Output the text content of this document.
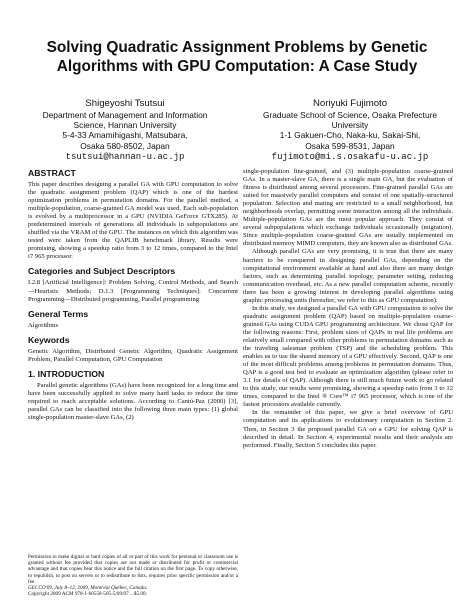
Solving Quadratic Assignment Problems by Genetic
Algorithms with GPU Computation: A Case Study
Shigeyoshi Tsutsui
Department of Management and Information
Science, Hannan University
5-4-33 Amamihigashi, Matsubara,
Osaka 580-8502, Japan
tsutsui@hannan-u.ac.jp
Noriyuki Fujimoto
Graduate School of Science, Osaka Prefecture
University
1-1 Gakuen-Cho, Naka-ku, Sakai-Shi,
Osaka 599-8531, Japan
fujimoto@mi.s.osakafu-u.ac.jp
ABSTRACT

This paper describes designing a parallel GA with GPU computation to solve the quadratic assignment problem (QAP) which is one of the hardest optimization problems in permutation domains. For the parallel method, a multiple-population, coarse-grained GA model was used. Each sub-population is evolved by a multiprocessor in a GPU (NVIDIA GeForce GTX285). At predetermined intervals of generations all individuals in subpopulations are shuffled via the VRAM of the GPU. The instances on which this algorithm was tested were taken from the QAPLIB benchmark library. Results were promising, showing a speedup ratio from 3 to 12 times, compared to the Intel i7 965 processor.

Categories and Subject Descriptors

I.2.8 [Artificial Intelligence]: Problem Solving, Control Methods, and Search—Heuristic Methods; D.1.3 [Programming Techniques]: Concurrent Programming—Distributed programming, Parallel programming

General Terms

Algorithms

Keywords

Genetic Algorithm, Distributed Genetic Algorithm, Quadratic Assignment Problem, Parallel Computation, GPU Computation

1. INTRODUCTION

Parallel genetic algorithms (GAs) have been recognized for a long time and have been successfully applied to solve many hard tasks to reduce the time required to reach acceptable solutions. According to Cantú-Paz (2000) [3], parallel GAs can be classified into the following three main types: (1) global single-population master-slave GAs, (2)

Permission to make digital or hard copies of all or part of this work for personal or classroom use is granted without fee provided that copies are not made or distributed for profit or commercial advantage and that copies bear this notice and the full citation on the first page. To copy otherwise, to republish, to post on servers or to redistribute to lists, requires prior specific permission and/or a fee.

GECCO'09, July 8–12, 2009, Montréal Québec, Canada.

Copyright 2009 ACM 978-1-60558-505-5/09/07 ...$5.00.

single-population fine-grained, and (3) multiple-population coarse-grained GAs. In a master-slave GA, there is a single main GA, but the evaluation of fitness is distributed among several processors. Fine-grained parallel GAs are suited for massively parallel computers and consist of one spatially-structured population. Selection and mating are restricted to a small neighborhood, but neighborhoods overlap, permitting some interaction among all the individuals. Multiple-population GAs are the most popular approach. They consist of several subpopulations which exchange individuals occasionally (migration). Since multiple-population coarse-grained GAs are usually implemented on distributed memory MIMD computers, they are known also as distributed GAs.

Although parallel GAs are very promising, it is true that there are many barriers to be conquered in designing parallel GAs, depending on the computational environment available at hand and also there are many design factors, such as determining parallel topology, parameter setting, reducing communication overhead, etc. As a new parallel computation scheme, recently there has been a growing interest in developing parallel algorithms using graphic processing units (hereafter, we refer to this as GPU computation).

In this study, we designed a parallel GA with GPU computation to solve the quadratic assignment problem (QAP) based on multiple-population coarse-grained GAs using CUDA GPU programming architecture. We chose QAP for the following reasons: First, problem sizes of QAPs in real life problems are relatively small compared with other problems in permutation domains such as the traveling salesman problem (TSP) and the scheduling problem. This enables us to use the shared memory of a GPU effectively. Second, QAP is one of the most difficult problems among problems in permutation domains. Thus, QAP is a good test bed to evaluate an optimization algorithm (please refer to 3.1 for details of QAP). Although there is still much future work to go related to this study, our results were promising, showing a speedup ratio from 3 to 12 times, compared to the Intel ® Core™ i7 965 processor, which is one of the fastest processors available currently.

In the remainder of this paper, we give a brief overview of GPU computation and its applications to evolutionary computation in Section 2. Then, in Section 3 the proposed parallel GA on a GPU for solving QAP is described in detail. In Section 4, experimental results and their analysis are performed. Finally, Section 5 concludes this paper.
